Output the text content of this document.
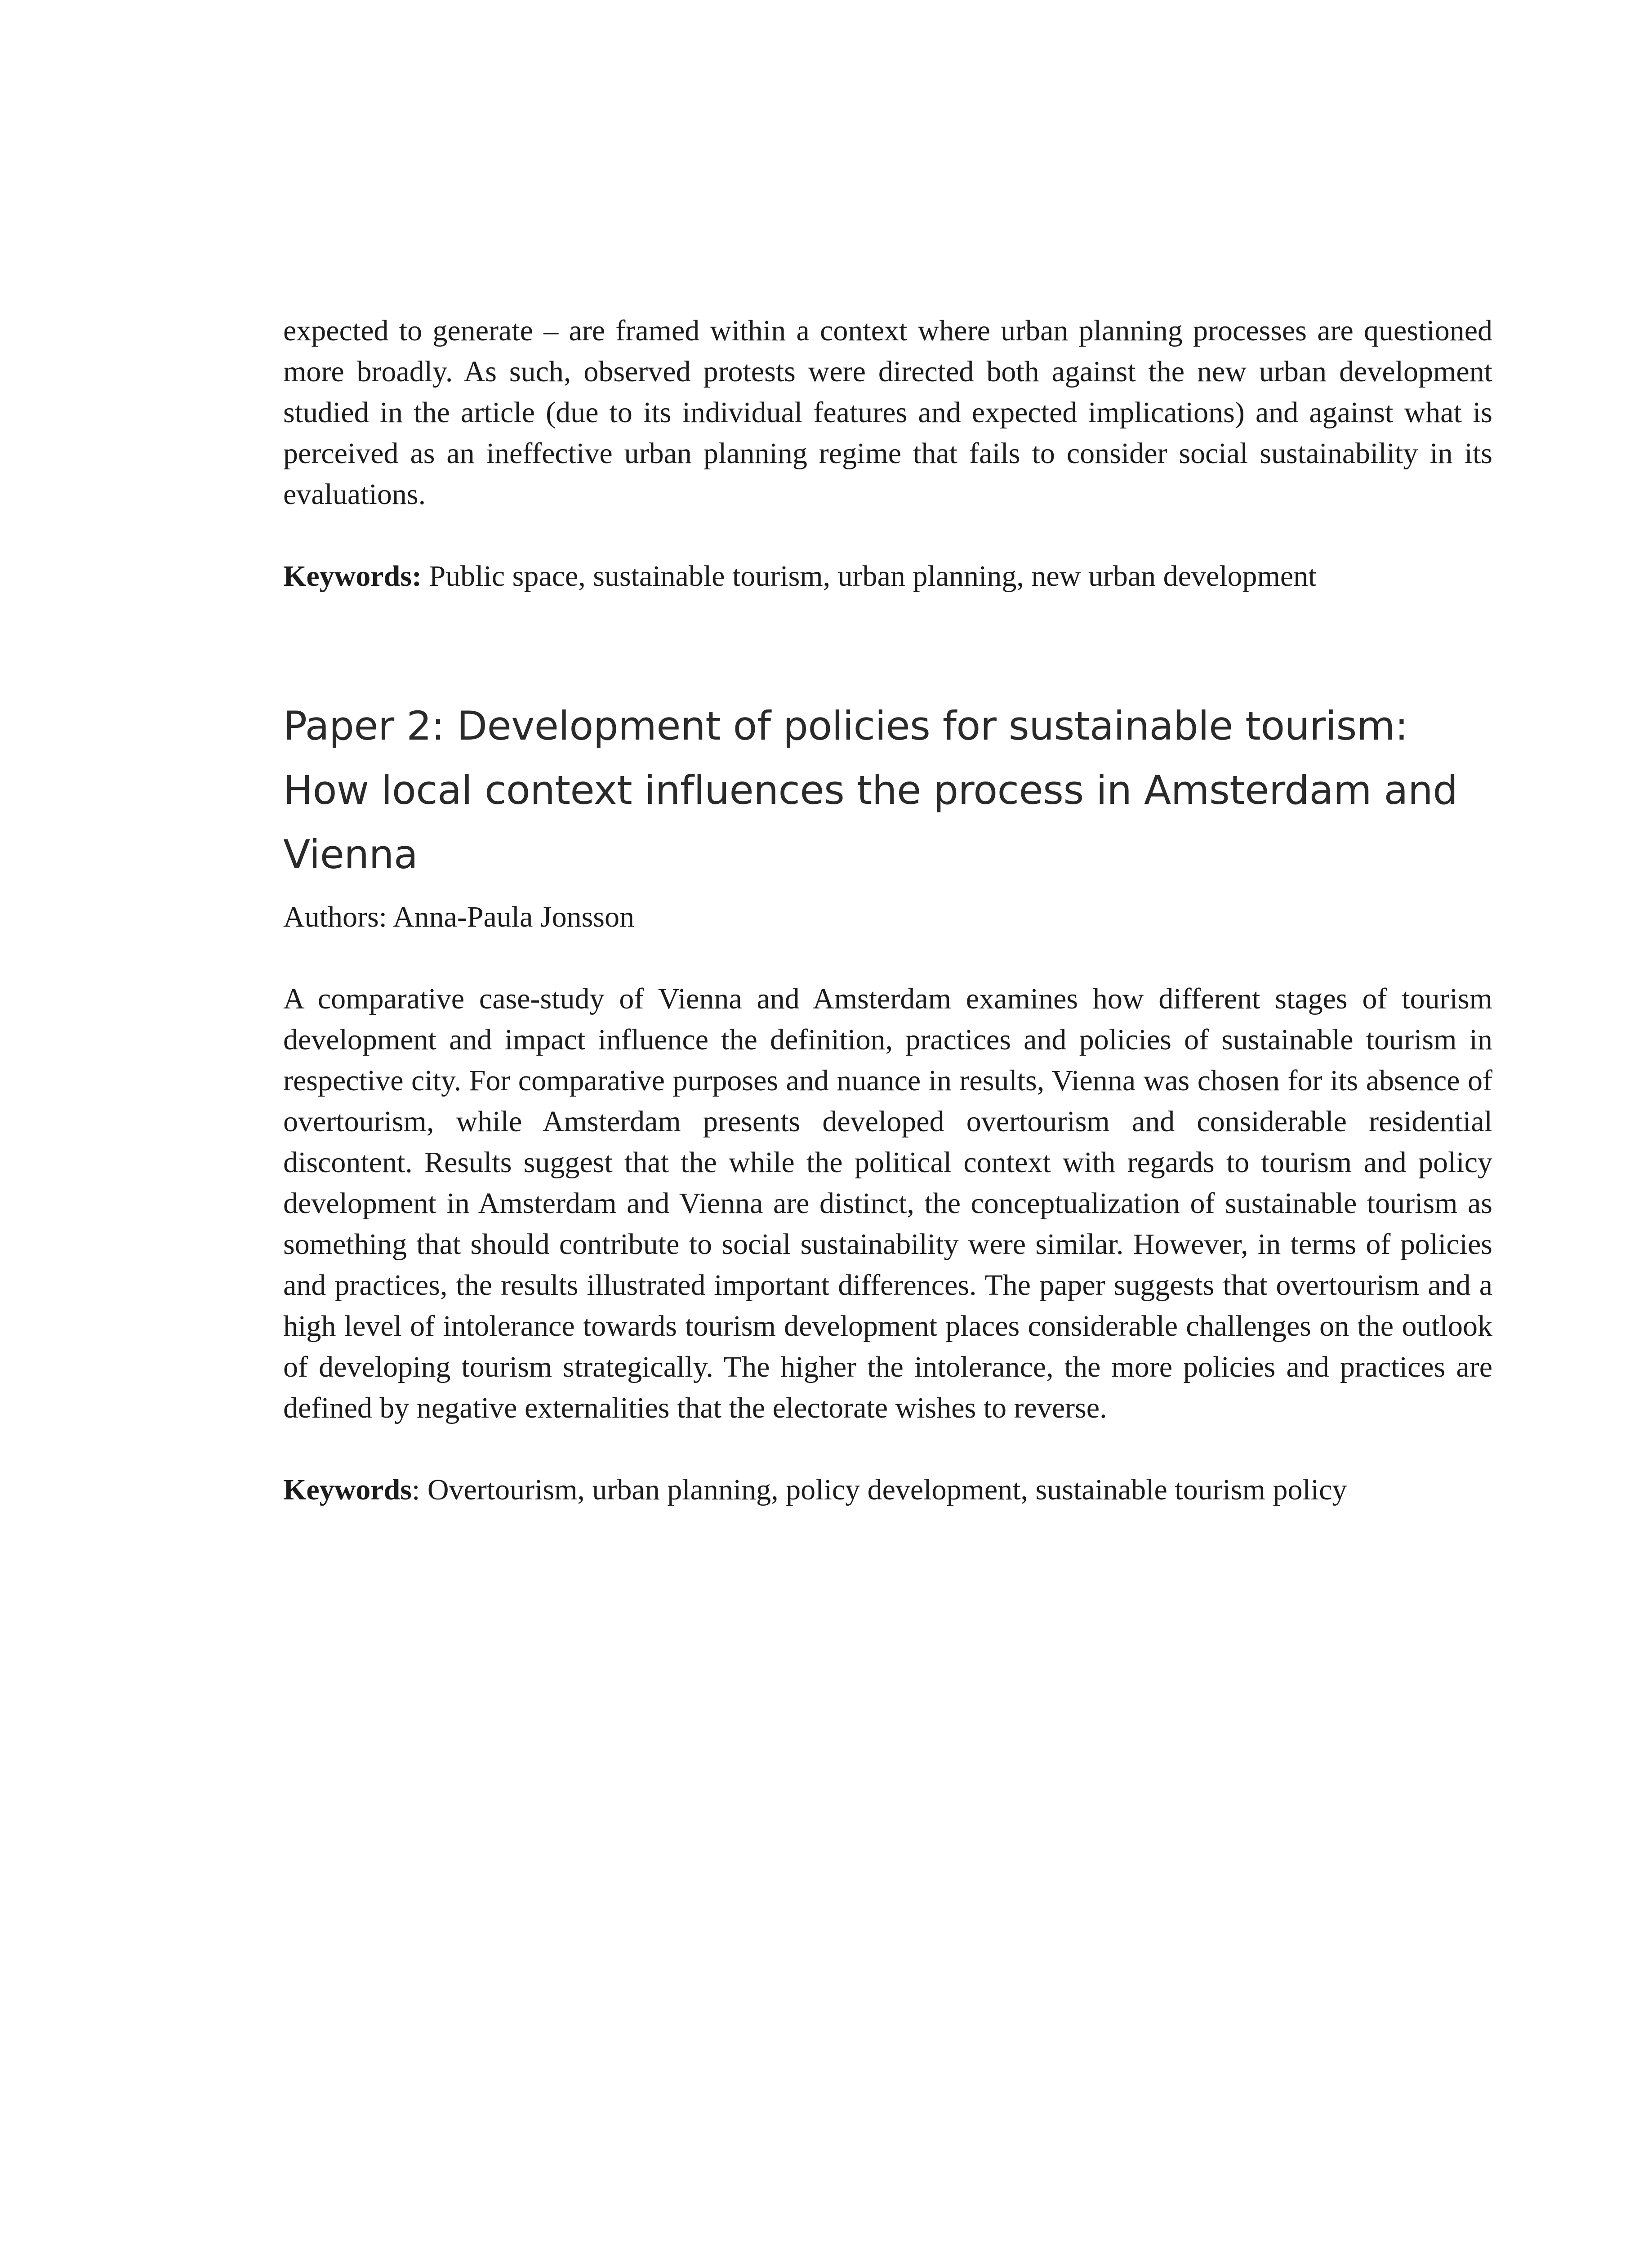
expected to generate – are framed within a context where urban planning processes are questioned more broadly. As such, observed protests were directed both against the new urban development studied in the article (due to its individual features and expected implications) and against what is perceived as an ineffective urban planning regime that fails to consider social sustainability in its evaluations.

Keywords: Public space, sustainable tourism, urban planning, new urban development

Paper 2: Development of policies for sustainable tourism: How local context influences the process in Amsterdam and Vienna

Authors: Anna-Paula Jonsson

A comparative case-study of Vienna and Amsterdam examines how different stages of tourism development and impact influence the definition, practices and policies of sustainable tourism in respective city. For comparative purposes and nuance in results, Vienna was chosen for its absence of overtourism, while Amsterdam presents developed overtourism and considerable residential discontent. Results suggest that the while the political context with regards to tourism and policy development in Amsterdam and Vienna are distinct, the conceptualization of sustainable tourism as something that should contribute to social sustainability were similar. However, in terms of policies and practices, the results illustrated important differences. The paper suggests that overtourism and a high level of intolerance towards tourism development places considerable challenges on the outlook of developing tourism strategically. The higher the intolerance, the more policies and practices are defined by negative externalities that the electorate wishes to reverse.

Keywords: Overtourism, urban planning, policy development, sustainable tourism policy
